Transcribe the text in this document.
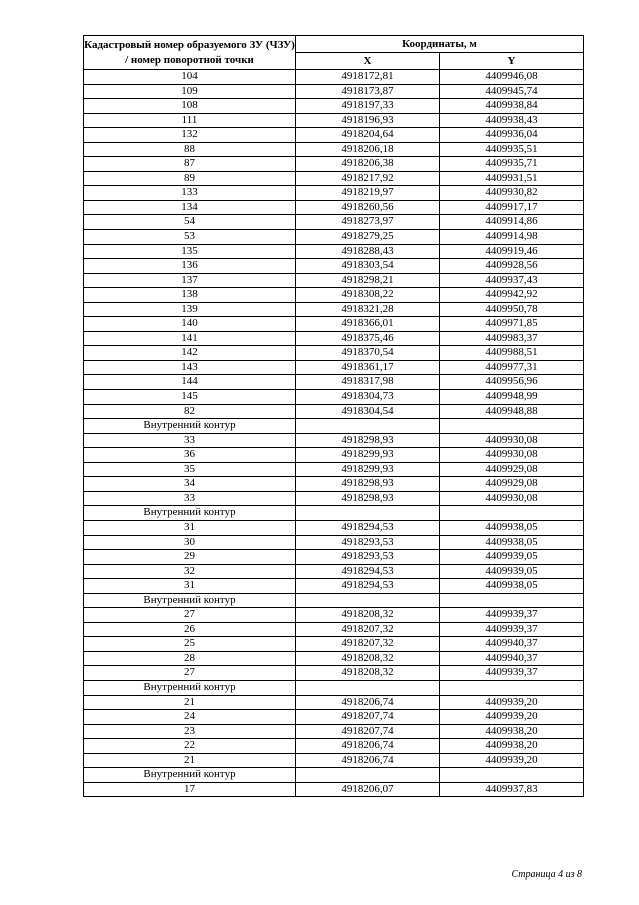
Кадастровый номер образуемого ЗУ (ЧЗУ) / номер поворотной точки	Координаты, м	
	X	Y
104	4918172,81	4409946,08
109	4918173,87	4409945,74
108	4918197,33	4409938,84
111	4918196,93	4409938,43
132	4918204,64	4409936,04
88	4918206,18	4409935,51
87	4918206,38	4409935,71
89	4918217,92	4409931,51
133	4918219,97	4409930,82
134	4918260,56	4409917,17
54	4918273,97	4409914,86
53	4918279,25	4409914,98
135	4918288,43	4409919,46
136	4918303,54	4409928,56
137	4918298,21	4409937,43
138	4918308,22	4409942,92
139	4918321,28	4409950,78
140	4918366,01	4409971,85
141	4918375,46	4409983,37
142	4918370,54	4409988,51
143	4918361,17	4409977,31
144	4918317,98	4409956,96
145	4918304,73	4409948,99
82	4918304,54	4409948,88
Внутренний контур		
33	4918298,93	4409930,08
36	4918299,93	4409930,08
35	4918299,93	4409929,08
34	4918298,93	4409929,08
33	4918298,93	4409930,08
Внутренний контур		
31	4918294,53	4409938,05
30	4918293,53	4409938,05
29	4918293,53	4409939,05
32	4918294,53	4409939,05
31	4918294,53	4409938,05
Внутренний контур		
27	4918208,32	4409939,37
26	4918207,32	4409939,37
25	4918207,32	4409940,37
28	4918208,32	4409940,37
27	4918208,32	4409939,37
Внутренний контур		
21	4918206,74	4409939,20
24	4918207,74	4409939,20
23	4918207,74	4409938,20
22	4918206,74	4409938,20
21	4918206,74	4409939,20
Внутренний контур		
17	4918206,07	4409937,83
Страница 4 из 8
